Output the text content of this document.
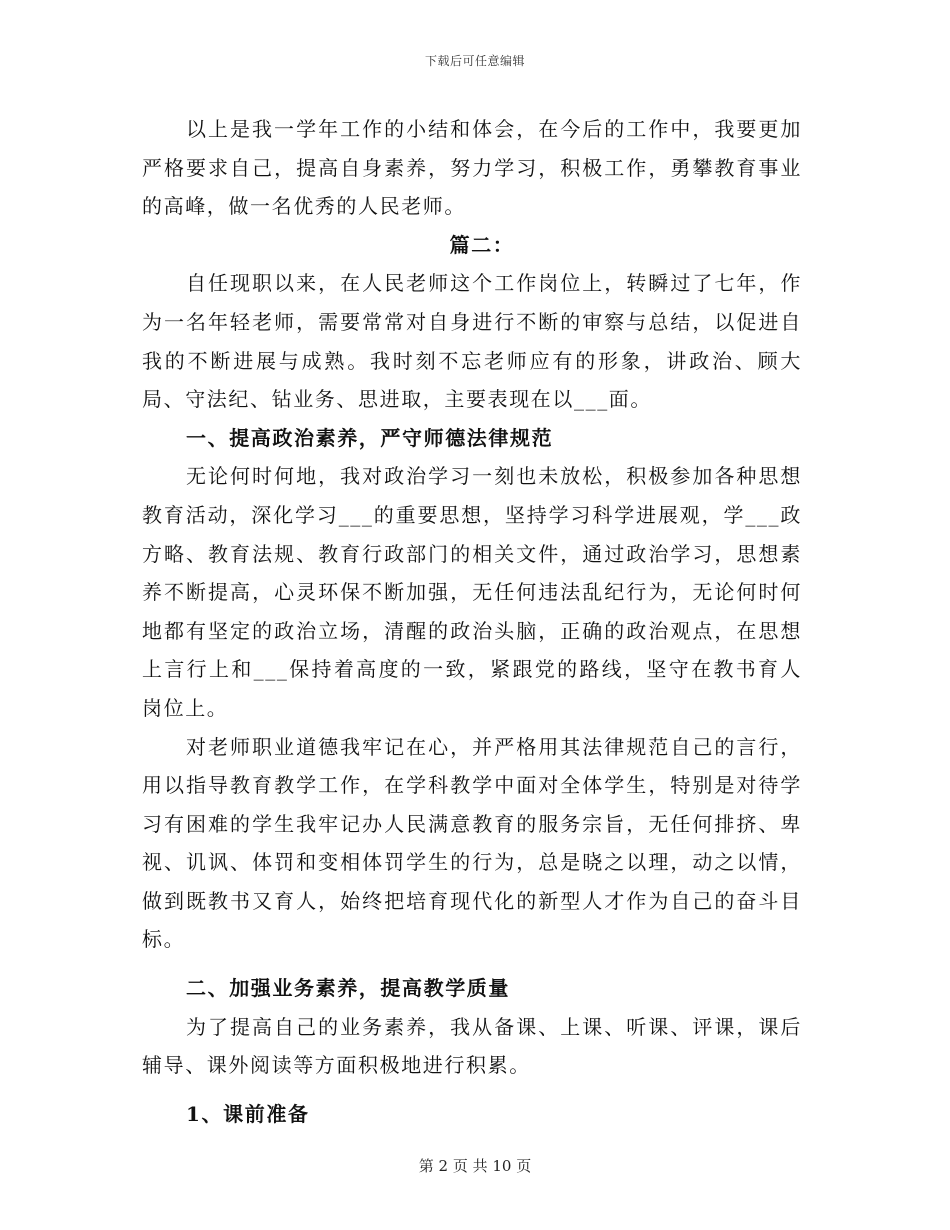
下载后可任意编辑

以上是我一学年工作的小结和体会，在今后的工作中，我要更加严格要求自己，提高自身素养，努力学习，积极工作，勇攀教育事业的高峰，做一名优秀的人民老师。

篇二：

自任现职以来，在人民老师这个工作岗位上，转瞬过了七年，作为一名年轻老师，需要常常对自身进行不断的审察与总结，以促进自我的不断进展与成熟。我时刻不忘老师应有的形象，讲政治、顾大局、守法纪、钻业务、思进取，主要表现在以___面。

一、提高政治素养，严守师德法律规范

无论何时何地，我对政治学习一刻也未放松，积极参加各种思想教育活动，深化学习___的重要思想，坚持学习科学进展观，学___政方略、教育法规、教育行政部门的相关文件，通过政治学习，思想素养不断提高，心灵环保不断加强，无任何违法乱纪行为，无论何时何地都有坚定的政治立场，清醒的政治头脑，正确的政治观点，在思想上言行上和___保持着高度的一致，紧跟党的路线，坚守在教书育人岗位上。

对老师职业道德我牢记在心，并严格用其法律规范自己的言行，用以指导教育教学工作，在学科教学中面对全体学生，特别是对待学习有困难的学生我牢记办人民满意教育的服务宗旨，无任何排挤、卑视、讥讽、体罚和变相体罚学生的行为，总是晓之以理，动之以情，做到既教书又育人，始终把培育现代化的新型人才作为自己的奋斗目标。

二、加强业务素养，提高教学质量

为了提高自己的业务素养，我从备课、上课、听课、评课，课后辅导、课外阅读等方面积极地进行积累。

1、课前准备

第 2 页 共 10 页
